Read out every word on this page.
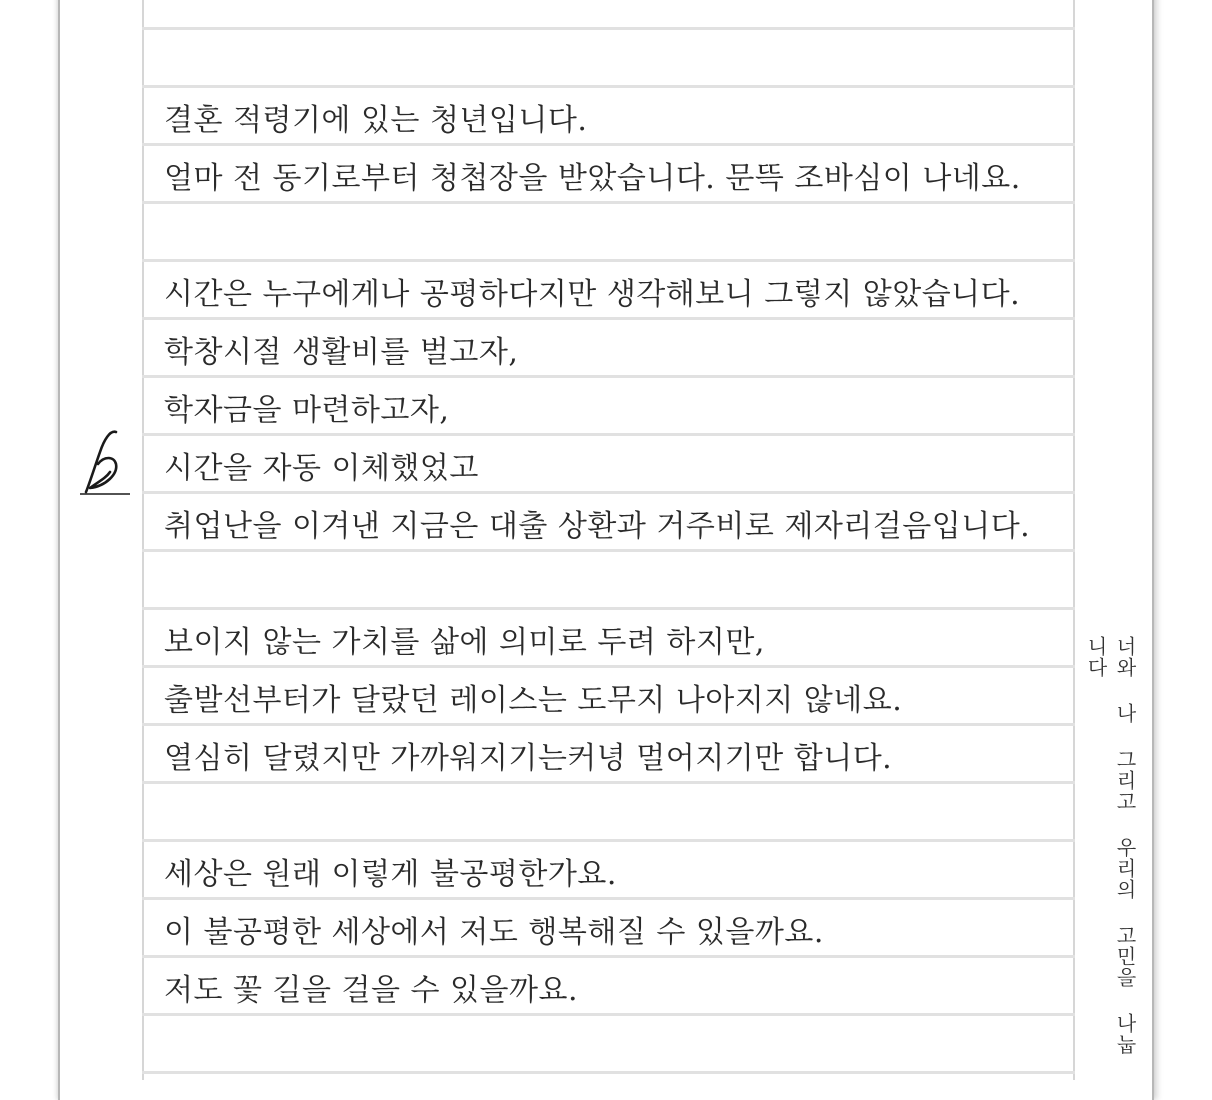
결혼 적령기에 있는 청년입니다.
얼마 전 동기로부터 청첩장을 받았습니다. 문뜩 조바심이 나네요.
시간은 누구에게나 공평하다지만 생각해보니 그렇지 않았습니다.
학창시절 생활비를 벌고자,
학자금을 마련하고자,
시간을 자동 이체했었고
취업난을 이겨낸 지금은 대출 상환과 거주비로 제자리걸음입니다.
보이지 않는 가치를 삶에 의미로 두려 하지만,
출발선부터가 달랐던 레이스는 도무지 나아지지 않네요.
열심히 달렸지만 가까워지기는커녕 멀어지기만 합니다.
세상은 원래 이렇게 불공평한가요.
이 불공평한 세상에서 저도 행복해질 수 있을까요.
저도 꽃 길을 걸을 수 있을까요.	너와 나 그리고 우리의 고민을 나눕니다
